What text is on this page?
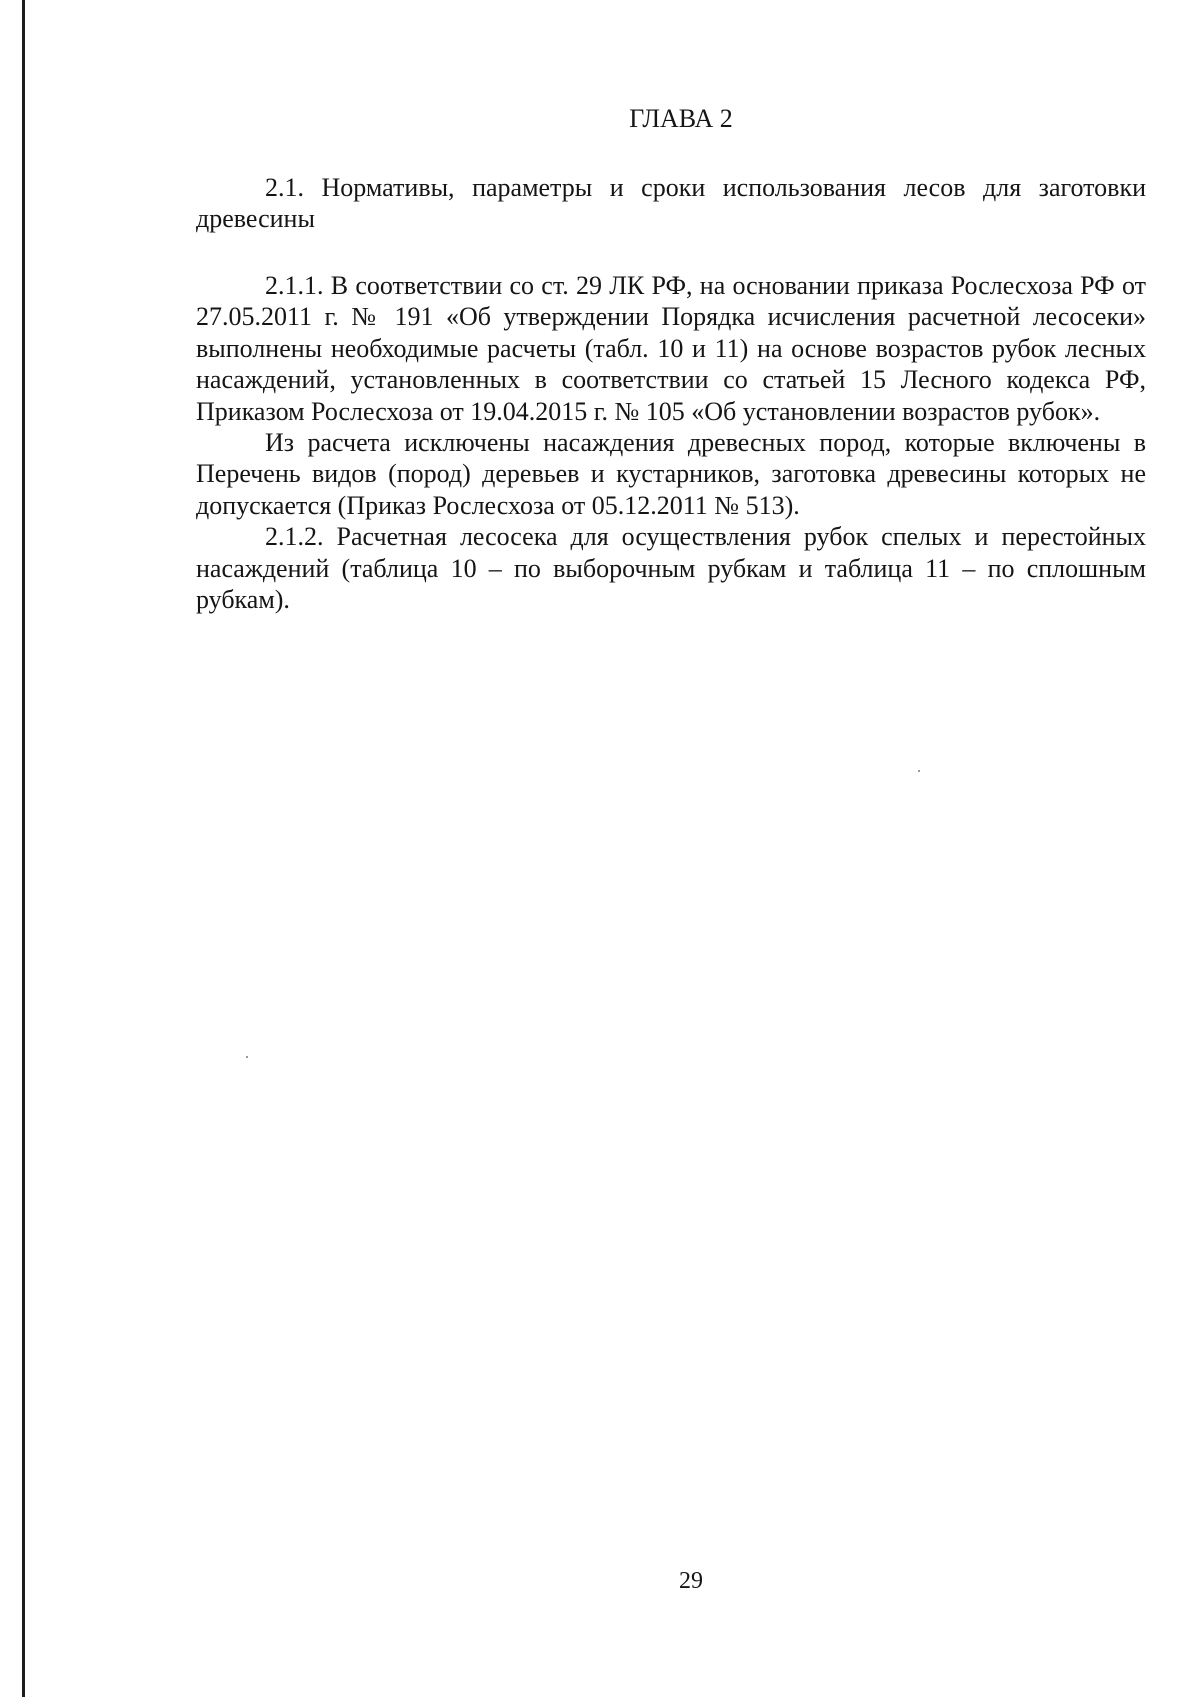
ГЛАВА 2
2.1. Нормативы, параметры и сроки использования лесов для заготовки древесины

2.1.1. В соответствии со ст. 29 ЛК РФ, на основании приказа Рослесхоза РФ от 27.05.2011 г. № 191 «Об утверждении Порядка исчисления расчетной лесосеки» выполнены необходимые расчеты (табл. 10 и 11) на основе возрастов рубок лесных насаждений, установленных в соответствии со статьей 15 Лесного кодекса РФ, Приказом Рослесхоза от 19.04.2015 г. № 105 «Об установлении возрастов рубок».

Из расчета исключены насаждения древесных пород, которые включены в Перечень видов (пород) деревьев и кустарников, заготовка древесины которых не допускается (Приказ Рослесхоза от 05.12.2011 № 513).

2.1.2. Расчетная лесосека для осуществления рубок спелых и перестойных насаждений (таблица 10 – по выборочным рубкам и таблица 11 – по сплошным рубкам).

29
